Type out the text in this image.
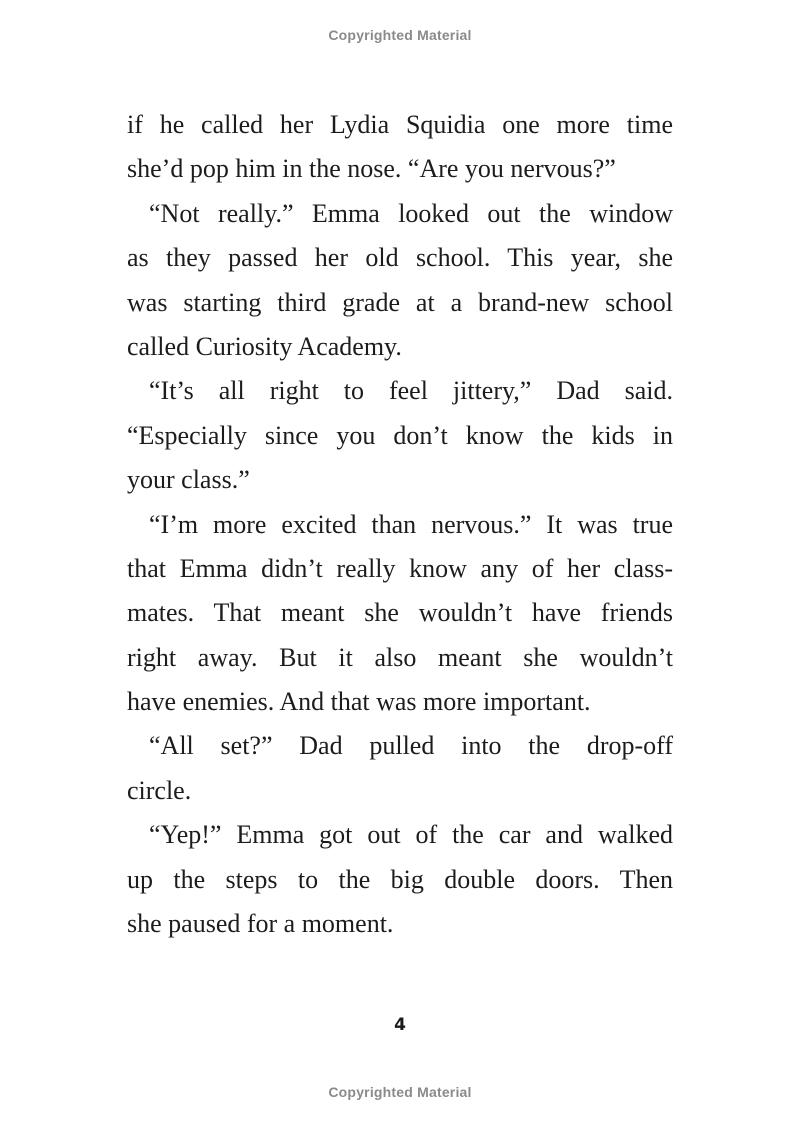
Copyrighted Material
if he called her Lydia Squidia one more time
she’d pop him in the nose. “Are you nervous?”
“Not really.” Emma looked out the window
as they passed her old school. This year, she
was starting third grade at a brand-new school
called Curiosity Academy.
“It’s all right to feel jittery,” Dad said.
“Especially since you don’t know the kids in
your class.”
“I’m more excited than nervous.” It was true
that Emma didn’t really know any of her class-
mates. That meant she wouldn’t have friends
right away. But it also meant she wouldn’t
have enemies. And that was more important.
“All set?” Dad pulled into the drop-off
circle.
“Yep!” Emma got out of the car and walked
up the steps to the big double doors. Then
she paused for a moment.
4
Copyrighted Material
